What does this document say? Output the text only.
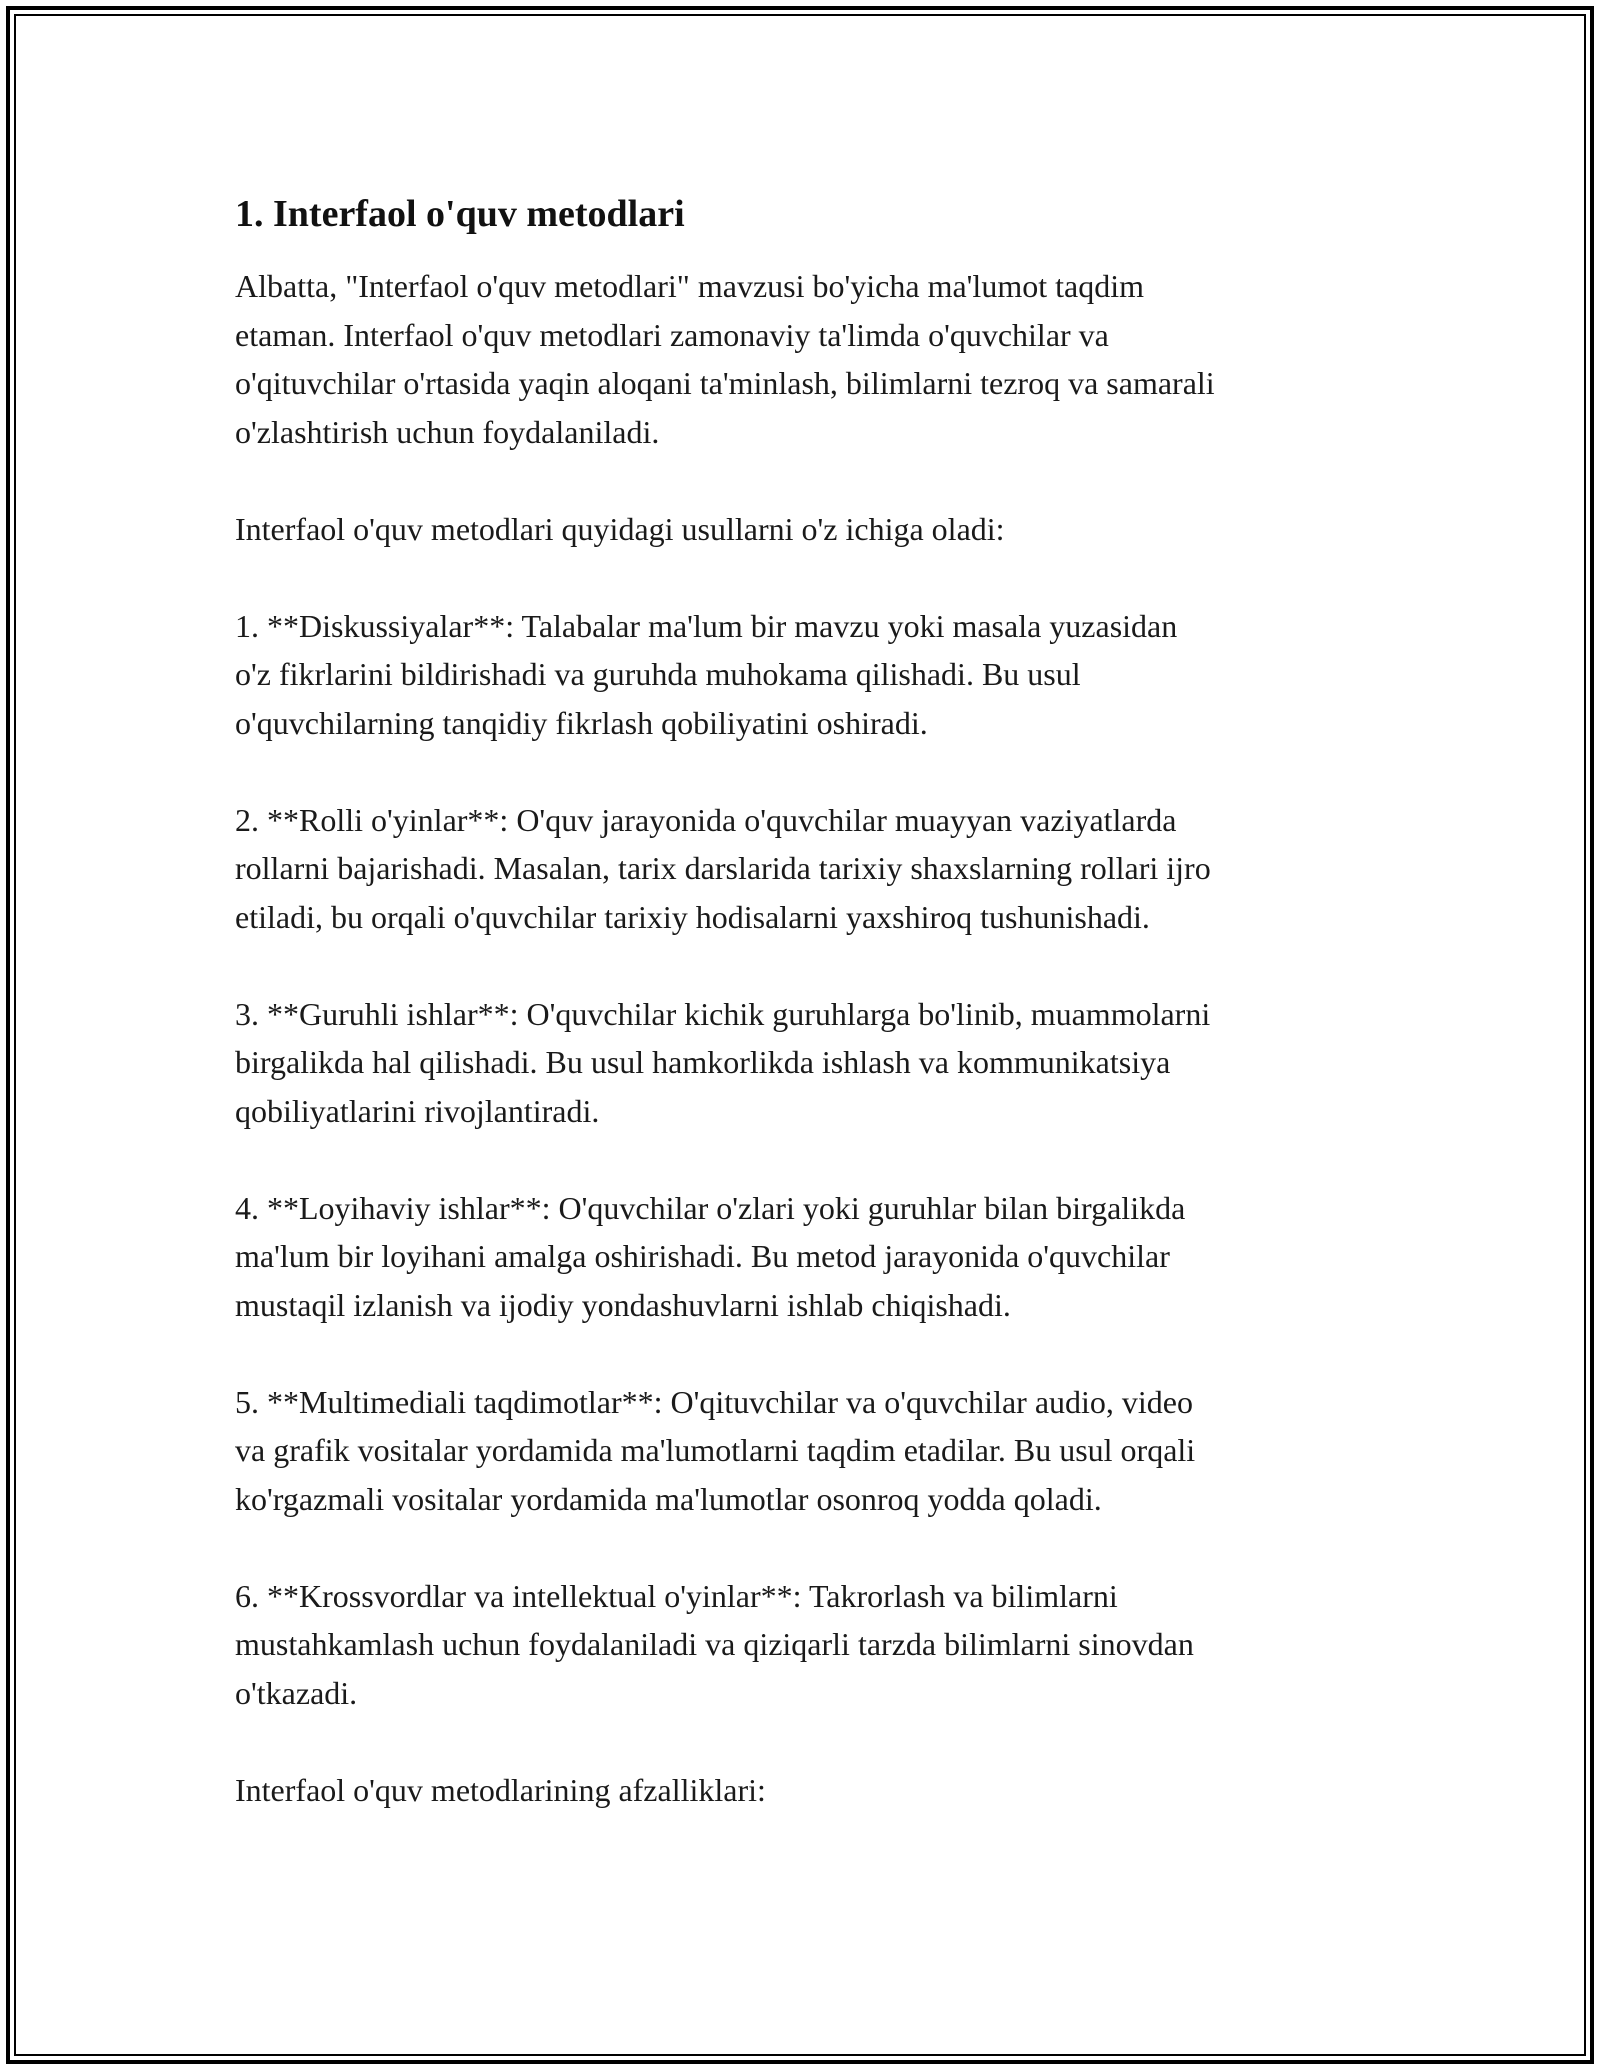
1. Interfaol o'quv metodlari

Albatta, "Interfaol o'quv metodlari" mavzusi bo'yicha ma'lumot taqdim
etaman. Interfaol o'quv metodlari zamonaviy ta'limda o'quvchilar va
o'qituvchilar o'rtasida yaqin aloqani ta'minlash, bilimlarni tezroq va samarali
o'zlashtirish uchun foydalaniladi.

Interfaol o'quv metodlari quyidagi usullarni o'z ichiga oladi:

1. **Diskussiyalar**: Talabalar ma'lum bir mavzu yoki masala yuzasidan
o'z fikrlarini bildirishadi va guruhda muhokama qilishadi. Bu usul
o'quvchilarning tanqidiy fikrlash qobiliyatini oshiradi.

2. **Rolli o'yinlar**: O'quv jarayonida o'quvchilar muayyan vaziyatlarda
rollarni bajarishadi. Masalan, tarix darslarida tarixiy shaxslarning rollari ijro
etiladi, bu orqali o'quvchilar tarixiy hodisalarni yaxshiroq tushunishadi.

3. **Guruhli ishlar**: O'quvchilar kichik guruhlarga bo'linib, muammolarni
birgalikda hal qilishadi. Bu usul hamkorlikda ishlash va kommunikatsiya
qobiliyatlarini rivojlantiradi.

4. **Loyihaviy ishlar**: O'quvchilar o'zlari yoki guruhlar bilan birgalikda
ma'lum bir loyihani amalga oshirishadi. Bu metod jarayonida o'quvchilar
mustaqil izlanish va ijodiy yondashuvlarni ishlab chiqishadi.

5. **Multimediali taqdimotlar**: O'qituvchilar va o'quvchilar audio, video
va grafik vositalar yordamida ma'lumotlarni taqdim etadilar. Bu usul orqali
ko'rgazmali vositalar yordamida ma'lumotlar osonroq yodda qoladi.

6. **Krossvordlar va intellektual o'yinlar**: Takrorlash va bilimlarni
mustahkamlash uchun foydalaniladi va qiziqarli tarzda bilimlarni sinovdan
o'tkazadi.

Interfaol o'quv metodlarining afzalliklari:
